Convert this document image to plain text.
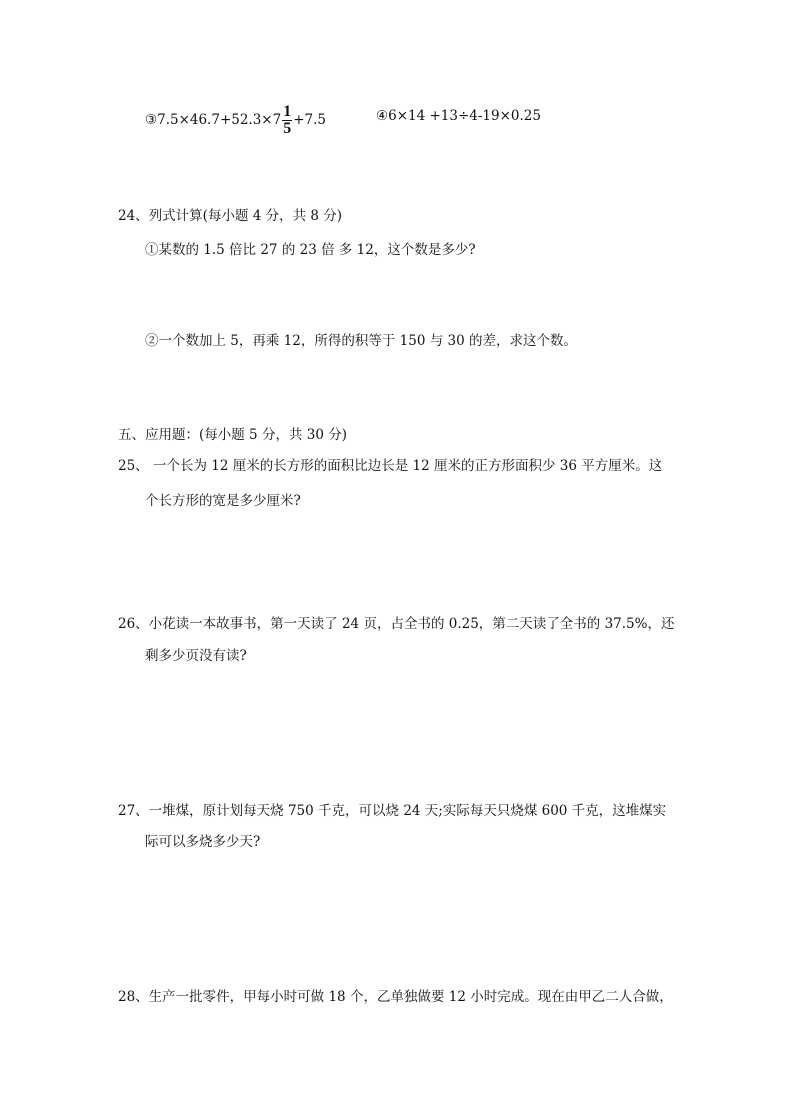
③7.5×46.7+52.3×7 $\frac{1}{5} +7.5$	④6×14 +13÷4-19×0.25
24、列式计算(每小题 4 分，共 8 分)
①某数的 1.5 倍比 27 的 23 倍 多 12，这个数是多少?
②一个数加上 5，再乘 12，所得的积等于 150 与 30 的差，求这个数。
五、应用题：(每小题 5 分，共 30 分)
25、 一个长为 12 厘米的长方形的面积比边长是 12 厘米的正方形面积少 36 平方厘米。这
个长方形的宽是多少厘米?
26、小花读一本故事书，第一天读了 24 页，占全书的 0.25，第二天读了全书的 37.5%，还
剩多少页没有读?
27、一堆煤，原计划每天烧 750 千克，可以烧 24 天;实际每天只烧煤 600 千克，这堆煤实
际可以多烧多少天?
28、生产一批零件，甲每小时可做 18 个，乙单独做要 12 小时完成。现在由甲乙二人合做，
